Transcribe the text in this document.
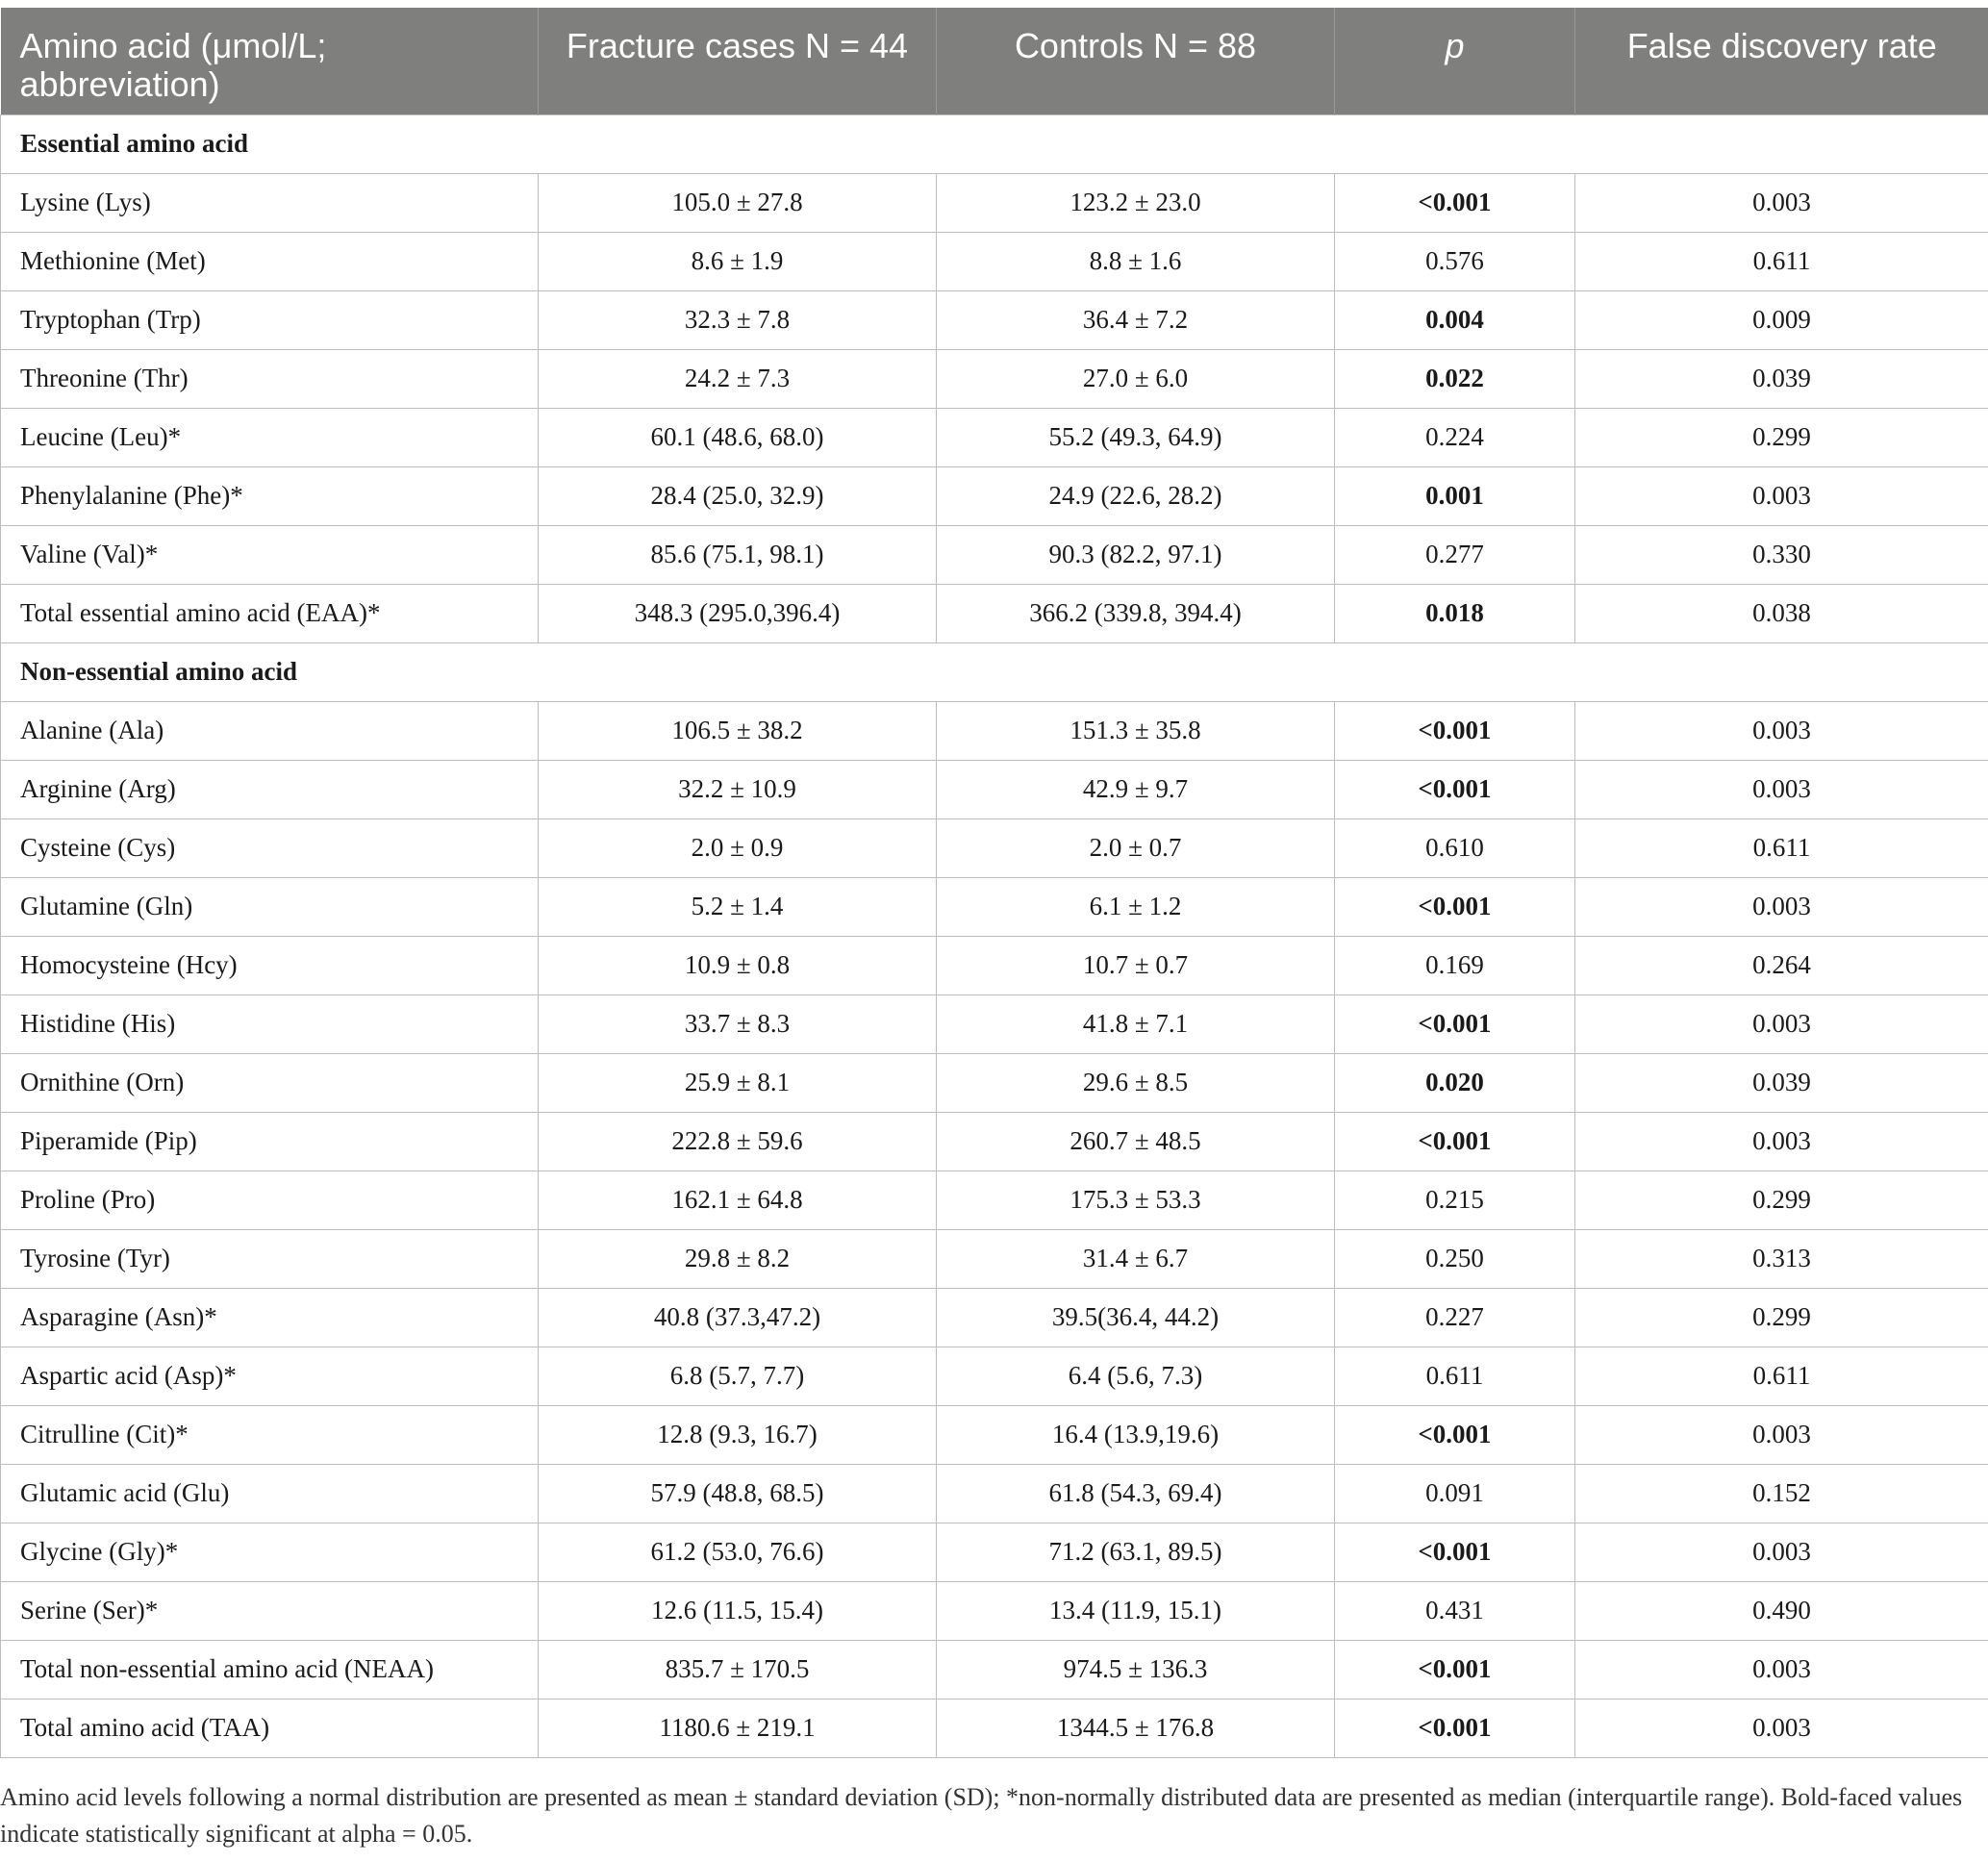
Amino acid (μmol/L; abbreviation)	Fracture cases N = 44	Controls N = 88	p	False discovery rate
Essential amino acid				
Lysine (Lys)	105.0 ± 27.8	123.2 ± 23.0	<0.001	0.003
Methionine (Met)	8.6 ± 1.9	8.8 ± 1.6	0.576	0.611
Tryptophan (Trp)	32.3 ± 7.8	36.4 ± 7.2	0.004	0.009
Threonine (Thr)	24.2 ± 7.3	27.0 ± 6.0	0.022	0.039
Leucine (Leu)*	60.1 (48.6, 68.0)	55.2 (49.3, 64.9)	0.224	0.299
Phenylalanine (Phe)*	28.4 (25.0, 32.9)	24.9 (22.6, 28.2)	0.001	0.003
Valine (Val)*	85.6 (75.1, 98.1)	90.3 (82.2, 97.1)	0.277	0.330
Total essential amino acid (EAA)*	348.3 (295.0,396.4)	366.2 (339.8, 394.4)	0.018	0.038
Non-essential amino acid				
Alanine (Ala)	106.5 ± 38.2	151.3 ± 35.8	<0.001	0.003
Arginine (Arg)	32.2 ± 10.9	42.9 ± 9.7	<0.001	0.003
Cysteine (Cys)	2.0 ± 0.9	2.0 ± 0.7	0.610	0.611
Glutamine (Gln)	5.2 ± 1.4	6.1 ± 1.2	<0.001	0.003
Homocysteine (Hcy)	10.9 ± 0.8	10.7 ± 0.7	0.169	0.264
Histidine (His)	33.7 ± 8.3	41.8 ± 7.1	<0.001	0.003
Ornithine (Orn)	25.9 ± 8.1	29.6 ± 8.5	0.020	0.039
Piperamide (Pip)	222.8 ± 59.6	260.7 ± 48.5	<0.001	0.003
Proline (Pro)	162.1 ± 64.8	175.3 ± 53.3	0.215	0.299
Tyrosine (Tyr)	29.8 ± 8.2	31.4 ± 6.7	0.250	0.313
Asparagine (Asn)*	40.8 (37.3,47.2)	39.5(36.4, 44.2)	0.227	0.299
Aspartic acid (Asp)*	6.8 (5.7, 7.7)	6.4 (5.6, 7.3)	0.611	0.611
Citrulline (Cit)*	12.8 (9.3, 16.7)	16.4 (13.9,19.6)	<0.001	0.003
Glutamic acid (Glu)	57.9 (48.8, 68.5)	61.8 (54.3, 69.4)	0.091	0.152
Glycine (Gly)*	61.2 (53.0, 76.6)	71.2 (63.1, 89.5)	<0.001	0.003
Serine (Ser)*	12.6 (11.5, 15.4)	13.4 (11.9, 15.1)	0.431	0.490
Total non-essential amino acid (NEAA)	835.7 ± 170.5	974.5 ± 136.3	<0.001	0.003
Total amino acid (TAA)	1180.6 ± 219.1	1344.5 ± 176.8	<0.001	0.003
Amino acid levels following a normal distribution are presented as mean ± standard deviation (SD); *non-normally distributed data are presented as median (interquartile range). Bold-faced values indicate statistically significant at alpha = 0.05.
